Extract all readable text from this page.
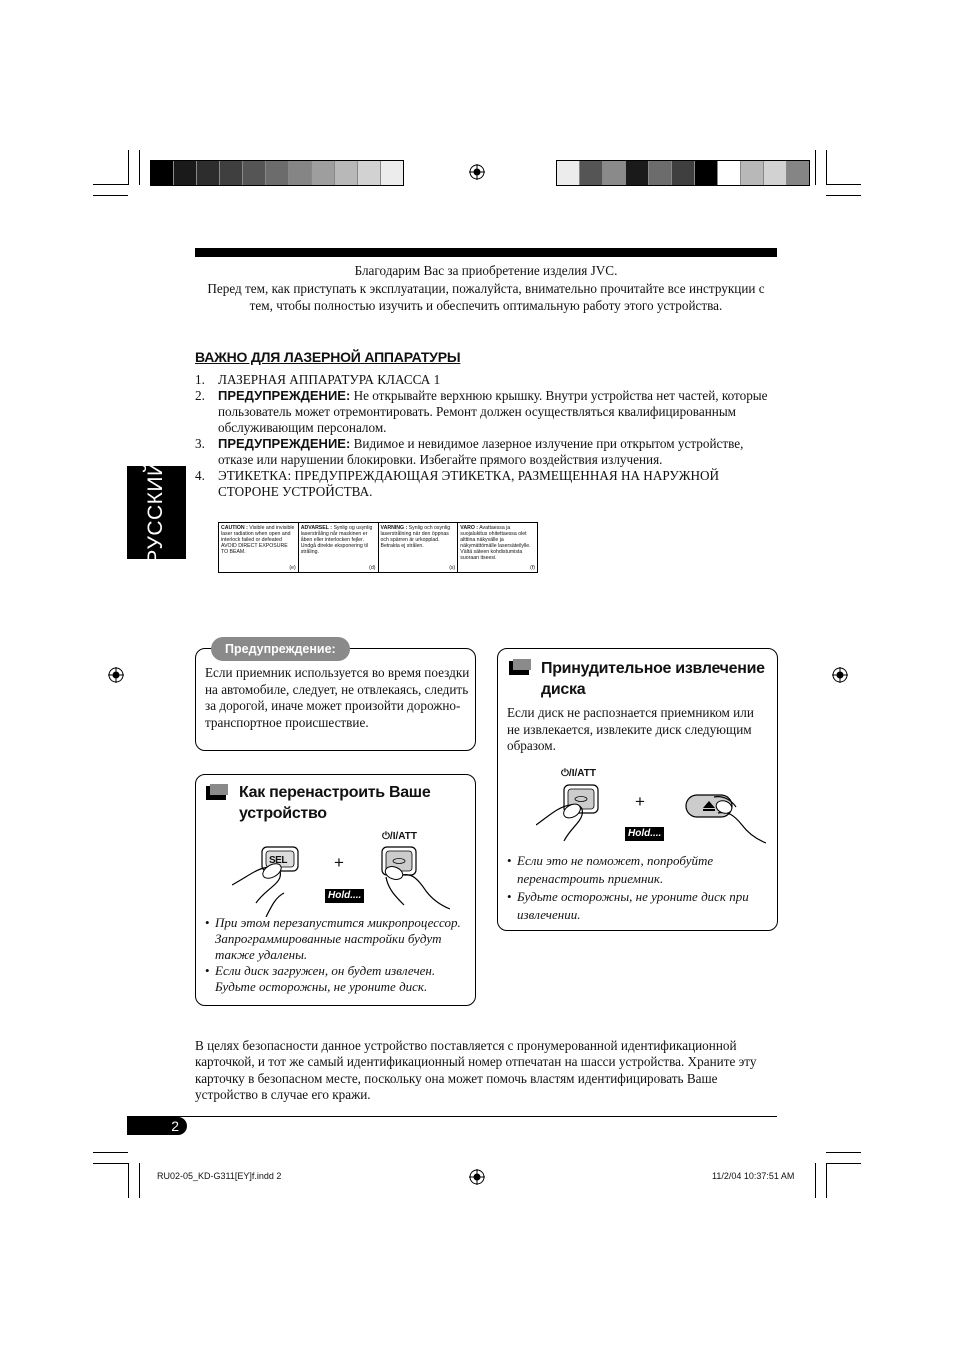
Благодарим Вас за приобретение изделия JVC.
Перед тем, как приступать к эксплуатации, пожалуйста, внимательно прочитайте все инструкции с тем, чтобы полностью изучить и обеспечить оптимальную работу этого устройства.
РУССКИЙ
ВАЖНО ДЛЯ ЛАЗЕРНОЙ АППАРАТУРЫ
1. ЛАЗЕРНАЯ АППАРАТУРА КЛАССА 1
2. ПРЕДУПРЕЖДЕНИЕ: Не открывайте верхнюю крышку. Внутри устройства нет частей, которые пользователь может отремонтировать. Ремонт должен осуществляться квалифицированным обслуживающим персоналом.
3. ПРЕДУПРЕЖДЕНИЕ: Видимое и невидимое лазерное излучение при открытом устройстве, отказе или нарушении блокировки. Избегайте прямого воздействия излучения.
4. ЭТИКЕТКА: ПРЕДУПРЕЖДАЮЩАЯ ЭТИКЕТКА, РАЗМЕЩЕННАЯ НА НАРУЖНОЙ СТОРОНЕ УСТРОЙСТВА.
CAUTION : Visible and invisible laser radiation when open and interlock failed or defeated AVOID DIRECT EXPOSURE TO BEAM.
(e)
ADVARSEL : Synlig og usynlig laserstråling når maskinen er åben eller interlocken fejler. Undgå direkte eksponering til stråling.
(d)
VARNING : Synlig och osynlig laserstrålning när den öppnas och spärren är urkopplad. Betrakta ej strålen.
(s)
VARO : Avattaessa ja suojalukitus ohitettaessa olet alttiina näkyvälle ja näkymättömälle lasersäteilylle. Vältä säteen kohdistumista suoraan itseesi.
(f)
Если приемник используется во время поездки на автомобиле, следует, не отвлекаясь, следить за дорогой, иначе может произойти дорожно-транспортное происшествие.
Предупреждение:
Как перенастроить Ваше устройство
SEL	+
⏻/I/ATT
Hold....
• При этом перезапустится микропроцессор. Запрограммированные настройки будут также удалены.
• Если диск загружен, он будет извлечен. Будьте осторожны, не уроните диск.
Принудительное извлечение диска
Если диск не распознается приемником или не извлекается, извлеките диск следующим образом.
⏻/I/ATT
+
Hold....
• Если это не поможет, попробуйте перенастроить приемник.
• Будьте осторожны, не уроните диск при извлечении.
В целях безопасности данное устройство поставляется с пронумерованной идентификационной карточкой, и тот же самый идентификационный номер отпечатан на шасси устройства. Храните эту карточку в безопасном месте, поскольку она может помочь властям идентифицировать Ваше устройство в случае его кражи.
2
RU02-05_KD-G311[EY]f.indd 2	11/2/04 10:37:51 AM
